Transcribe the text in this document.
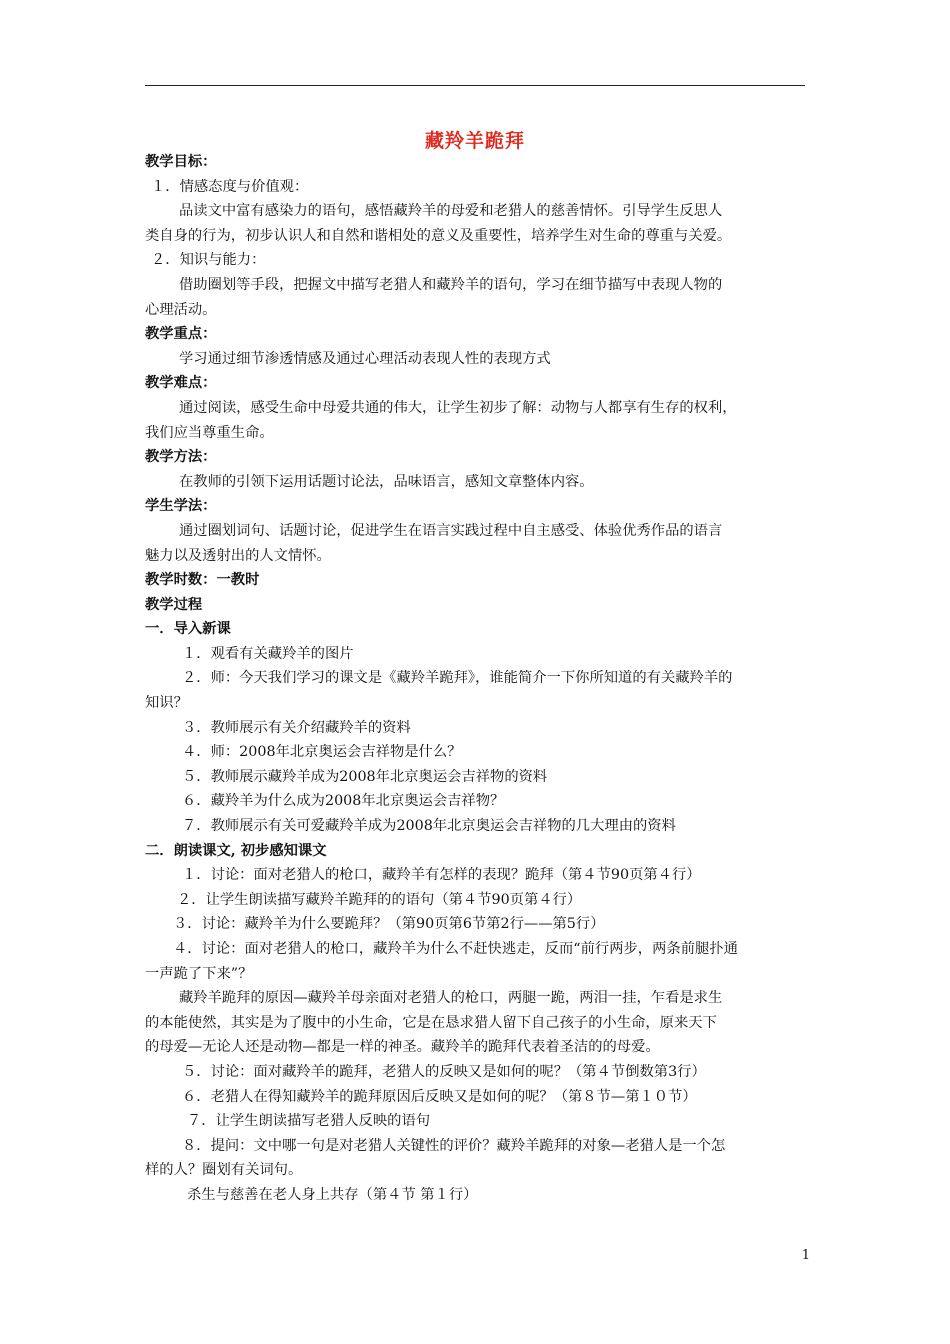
藏羚羊跪拜
教学目标：
１．情感态度与价值观：
品读文中富有感染力的语句，感悟藏羚羊的母爱和老猎人的慈善情怀。引导学生反思人
类自身的行为，初步认识人和自然和谐相处的意义及重要性，培养学生对生命的尊重与关爱。
２．知识与能力：
借助圈划等手段，把握文中描写老猎人和藏羚羊的语句，学习在细节描写中表现人物的
心理活动。
教学重点：
学习通过细节渗透情感及通过心理活动表现人性的表现方式
教学难点：
通过阅读，感受生命中母爱共通的伟大，让学生初步了解：动物与人都享有生存的权利，
我们应当尊重生命。
教学方法：
在教师的引领下运用话题讨论法，品味语言，感知文章整体内容。
学生学法：
通过圈划词句、话题讨论，促进学生在语言实践过程中自主感受、体验优秀作品的语言
魅力以及透射出的人文情怀。
教学时数：一教时
教学过程
一．导入新课
１．观看有关藏羚羊的图片
２．师：今天我们学习的课文是《藏羚羊跪拜》，谁能简介一下你所知道的有关藏羚羊的
知识？
３．教师展示有关介绍藏羚羊的资料
４．师：2008年北京奥运会吉祥物是什么？
５．教师展示藏羚羊成为2008年北京奥运会吉祥物的资料
６．藏羚羊为什么成为2008年北京奥运会吉祥物？
７．教师展示有关可爱藏羚羊成为2008年北京奥运会吉祥物的几大理由的资料
二．朗读课文, 初步感知课文
１．讨论：面对老猎人的枪口，藏羚羊有怎样的表现？跪拜（第４节90页第４行）
２．让学生朗读描写藏羚羊跪拜的的语句（第４节90页第４行）
３．讨论：藏羚羊为什么要跪拜？（第90页第6节第2行——第5行）
４．讨论：面对老猎人的枪口，藏羚羊为什么不赶快逃走，反而“前行两步，两条前腿扑通
一声跪了下来”？
藏羚羊跪拜的原因—藏羚羊母亲面对老猎人的枪口，两腿一跪，两泪一挂，乍看是求生
的本能使然，其实是为了腹中的小生命，它是在恳求猎人留下自己孩子的小生命，原来天下
的母爱—无论人还是动物—都是一样的神圣。藏羚羊的跪拜代表着圣洁的的母爱。
５．讨论：面对藏羚羊的跪拜，老猎人的反映又是如何的呢？（第４节倒数第3行）
６．老猎人在得知藏羚羊的跪拜原因后反映又是如何的呢？（第８节—第１０节）
７．让学生朗读描写老猎人反映的语句
８．提问：文中哪一句是对老猎人关键性的评价？藏羚羊跪拜的对象—老猎人是一个怎
样的人？圈划有关词句。
杀生与慈善在老人身上共存（第４节 第１行）
1
